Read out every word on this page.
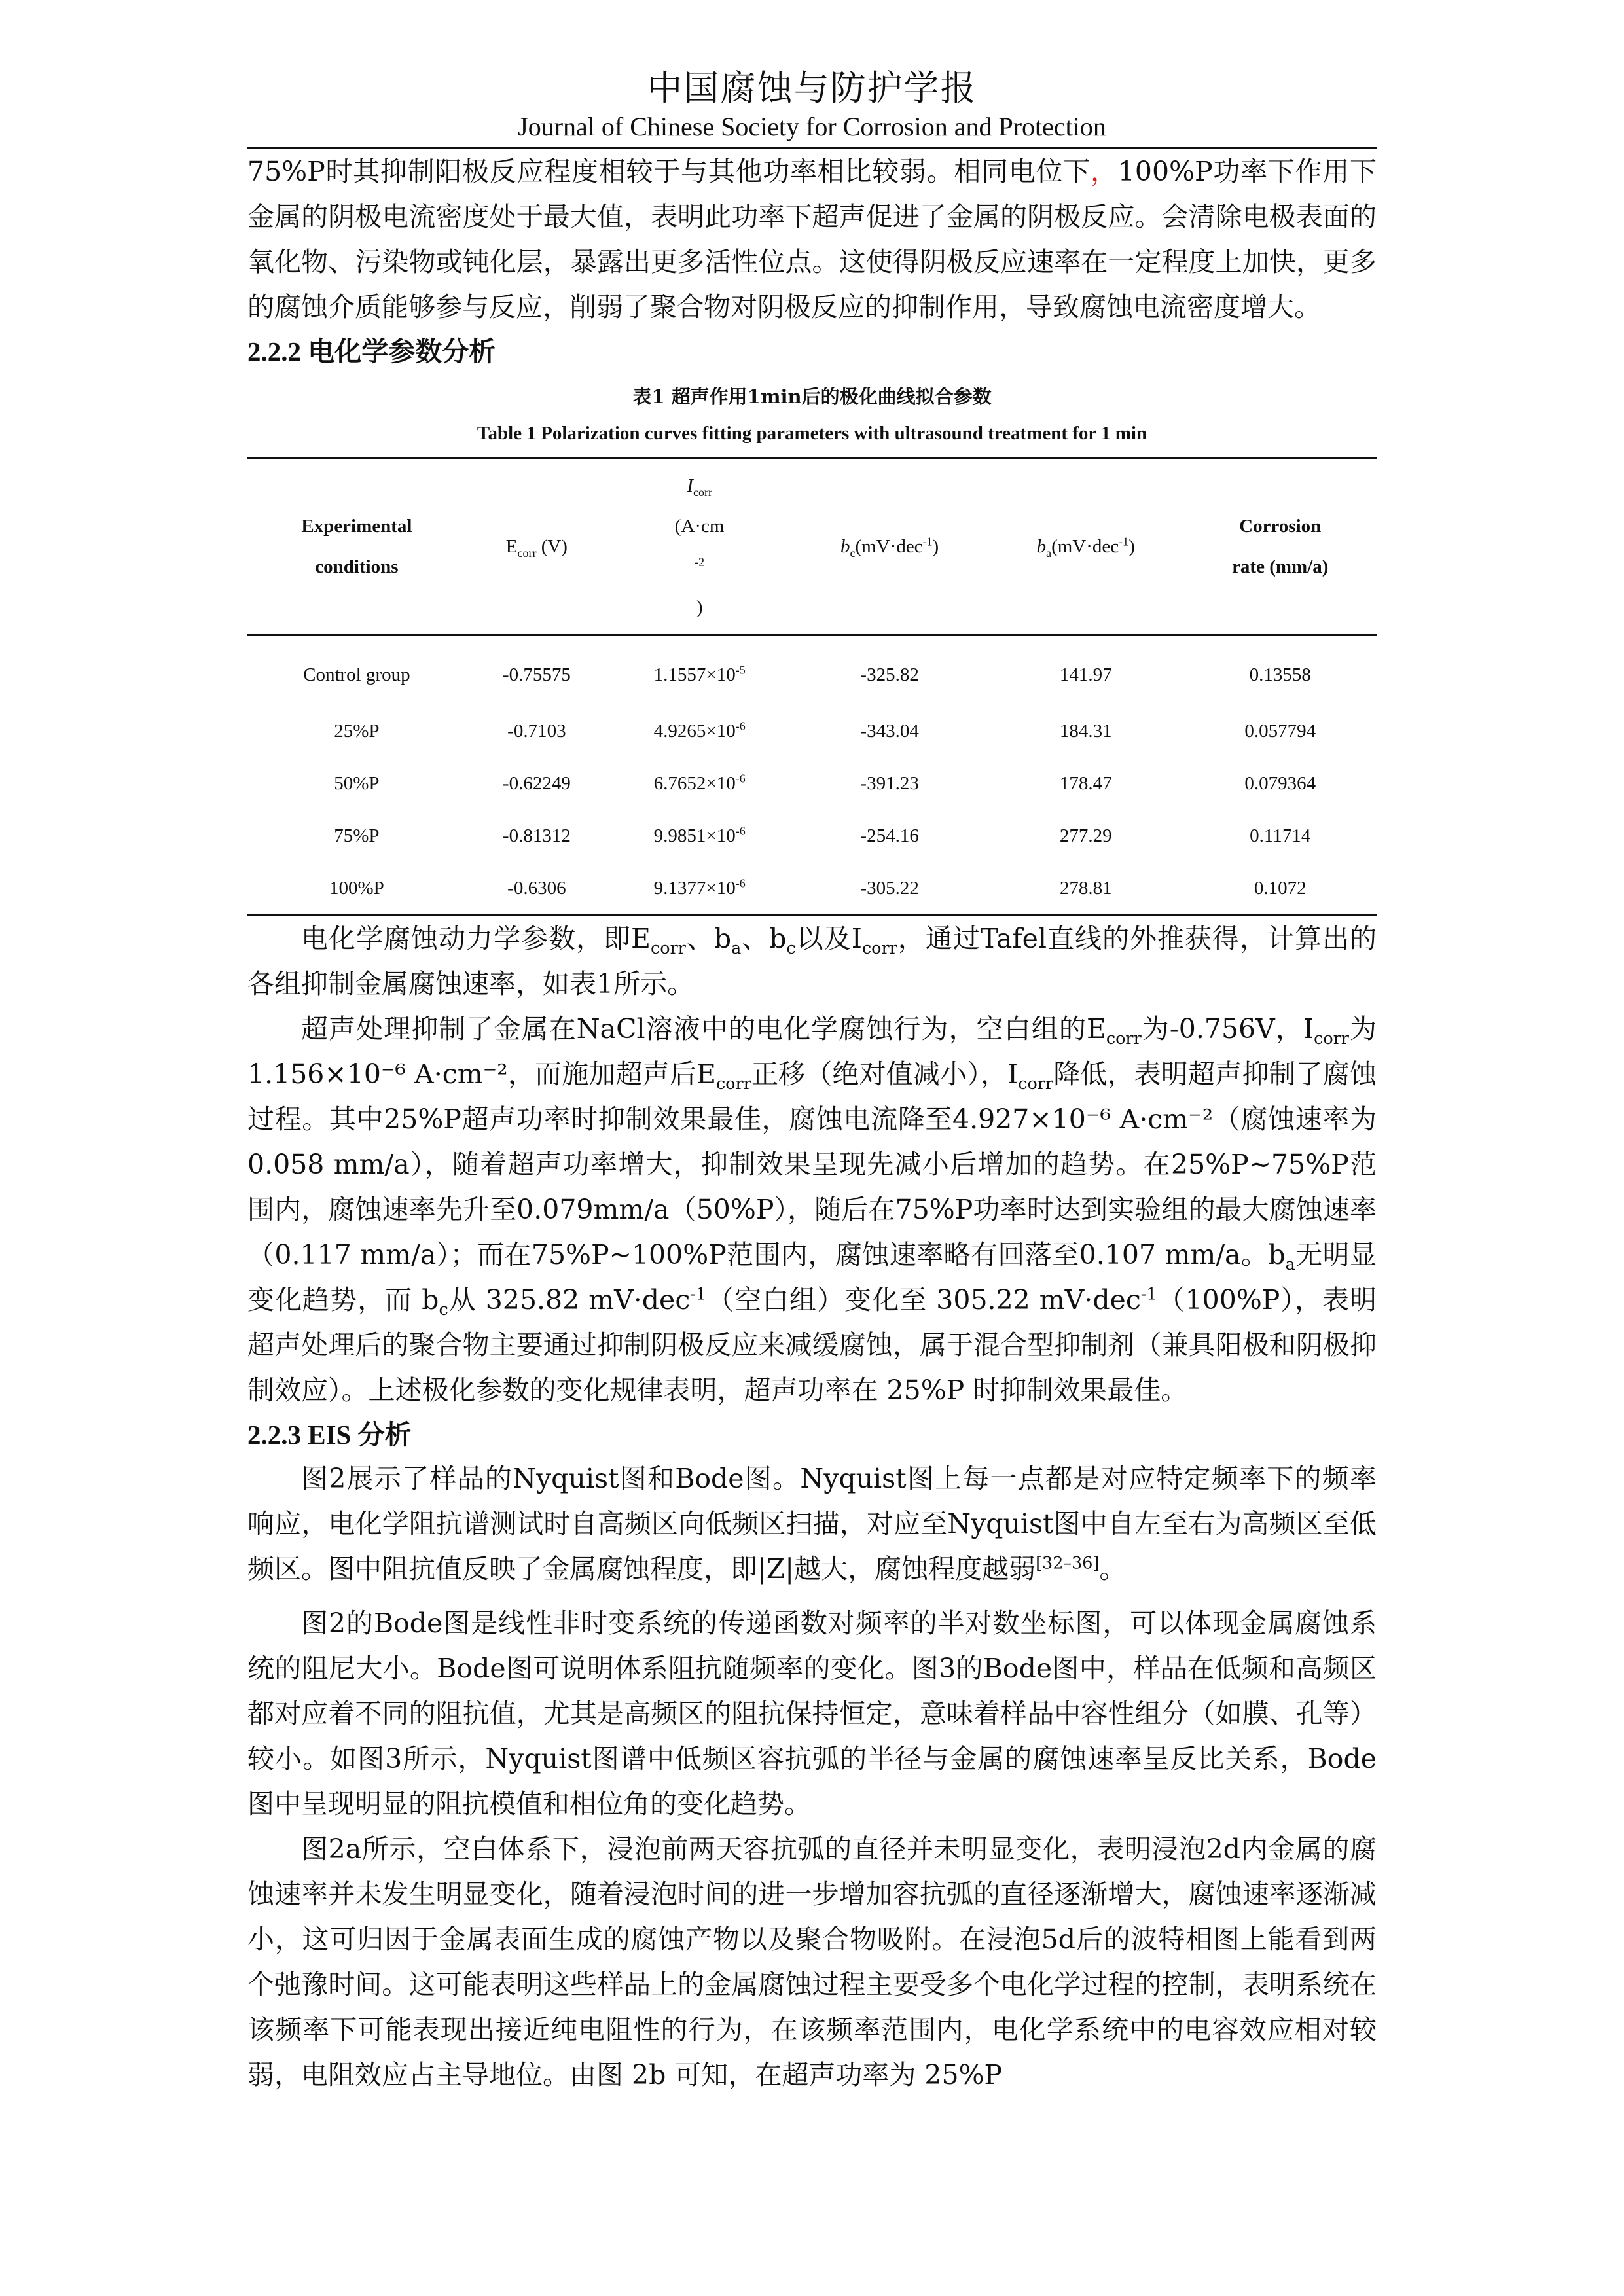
中国腐蚀与防护学报
Journal of Chinese Society for Corrosion and Protection

75%P时其抑制阳极反应程度相较于与其他功率相比较弱。相同电位下，100%P功率下作用下金属的阴极电流密度处于最大值，表明此功率下超声促进了金属的阴极反应。会清除电极表面的氧化物、污染物或钝化层，暴露出更多活性位点。这使得阴极反应速率在一定程度上加快，更多的腐蚀介质能够参与反应，削弱了聚合物对阴极反应的抑制作用，导致腐蚀电流密度增大。

2.2.2 电化学参数分析

表1 超声作用1min后的极化曲线拟合参数
Table 1 Polarization curves fitting parameters with ultrasound treatment for 1 min
Experimental
conditions	$E_{corr}$ (V)	$I_{corr}$
(A·cm
$^{-2}$
)	$b_c(mV\cdot dec^{-1})$	$b_a(mV\cdot dec^{-1})$	Corrosion
rate (mm/a)

Control group	-0.75575	$1.1557\times 10^{-5}$	-325.82	141.97	0.13558
25%P	-0.7103	$4.9265\times 10^{-6}$	-343.04	184.31	0.057794
50%P	-0.62249	$6.7652\times 10^{-6}$	-391.23	178.47	0.079364
75%P	-0.81312	$9.9851\times 10^{-6}$	-254.16	277.29	0.11714
100%P	-0.6306	$9.1377\times 10^{-6}$	-305.22	278.81	0.1072

电化学腐蚀动力学参数，即$E_{corr}$、$b_a$、$b_c$以及$I_{corr}$，通过Tafel直线的外推获得，计算出的各组抑制金属腐蚀速率，如表1所示。

超声处理抑制了金属在NaCl溶液中的电化学腐蚀行为，空白组的$E_{corr}$为-0.756V，$I_{corr}$为1.156×10⁻⁶ A·cm⁻²，而施加超声后$E_{corr}$正移（绝对值减小），$I_{corr}$降低，表明超声抑制了腐蚀过程。其中25%P超声功率时抑制效果最佳，腐蚀电流降至4.927×10⁻⁶ A·cm⁻²（腐蚀速率为 0.058 mm/a），随着超声功率增大，抑制效果呈现先减小后增加的趋势。在25%P~75%P范围内，腐蚀速率先升至0.079mm/a（50%P），随后在75%P功率时达到实验组的最大腐蚀速率（0.117 mm/a）；而在75%P~100%P范围内，腐蚀速率略有回落至0.107 mm/a。$b_a$无明显变化趋势，而 $b_c$从 325.82 mV·dec$^{-1}$（空白组）变化至 305.22 mV·dec$^{-1}$（100%P），表明超声处理后的聚合物主要通过抑制阴极反应来减缓腐蚀，属于混合型抑制剂（兼具阳极和阴极抑制效应）。上述极化参数的变化规律表明，超声功率在 25%P 时抑制效果最佳。

2.2.3 EIS 分析

图2展示了样品的Nyquist图和Bode图。Nyquist图上每一点都是对应特定频率下的频率响应，电化学阻抗谱测试时自高频区向低频区扫描，对应至Nyquist图中自左至右为高频区至低频区。图中阻抗值反映了金属腐蚀程度，即|Z|越大，腐蚀程度越弱[32–36]。

图2的Bode图是线性非时变系统的传递函数对频率的半对数坐标图，可以体现金属腐蚀系统的阻尼大小。Bode图可说明体系阻抗随频率的变化。图3的Bode图中，样品在低频和高频区都对应着不同的阻抗值，尤其是高频区的阻抗保持恒定，意味着样品中容性组分（如膜、孔等）较小。如图3所示，Nyquist图谱中低频区容抗弧的半径与金属的腐蚀速率呈反比关系，Bode图中呈现明显的阻抗模值和相位角的变化趋势。

图2a所示，空白体系下，浸泡前两天容抗弧的直径并未明显变化，表明浸泡2d内金属的腐蚀速率并未发生明显变化，随着浸泡时间的进一步增加容抗弧的直径逐渐增大，腐蚀速率逐渐减小，这可归因于金属表面生成的腐蚀产物以及聚合物吸附。在浸泡5d后的波特相图上能看到两个弛豫时间。这可能表明这些样品上的金属腐蚀过程主要受多个电化学过程的控制，表明系统在该频率下可能表现出接近纯电阻性的行为，在该频率范围内，电化学系统中的电容效应相对较弱，电阻效应占主导地位。由图 2b 可知，在超声功率为 25%P
